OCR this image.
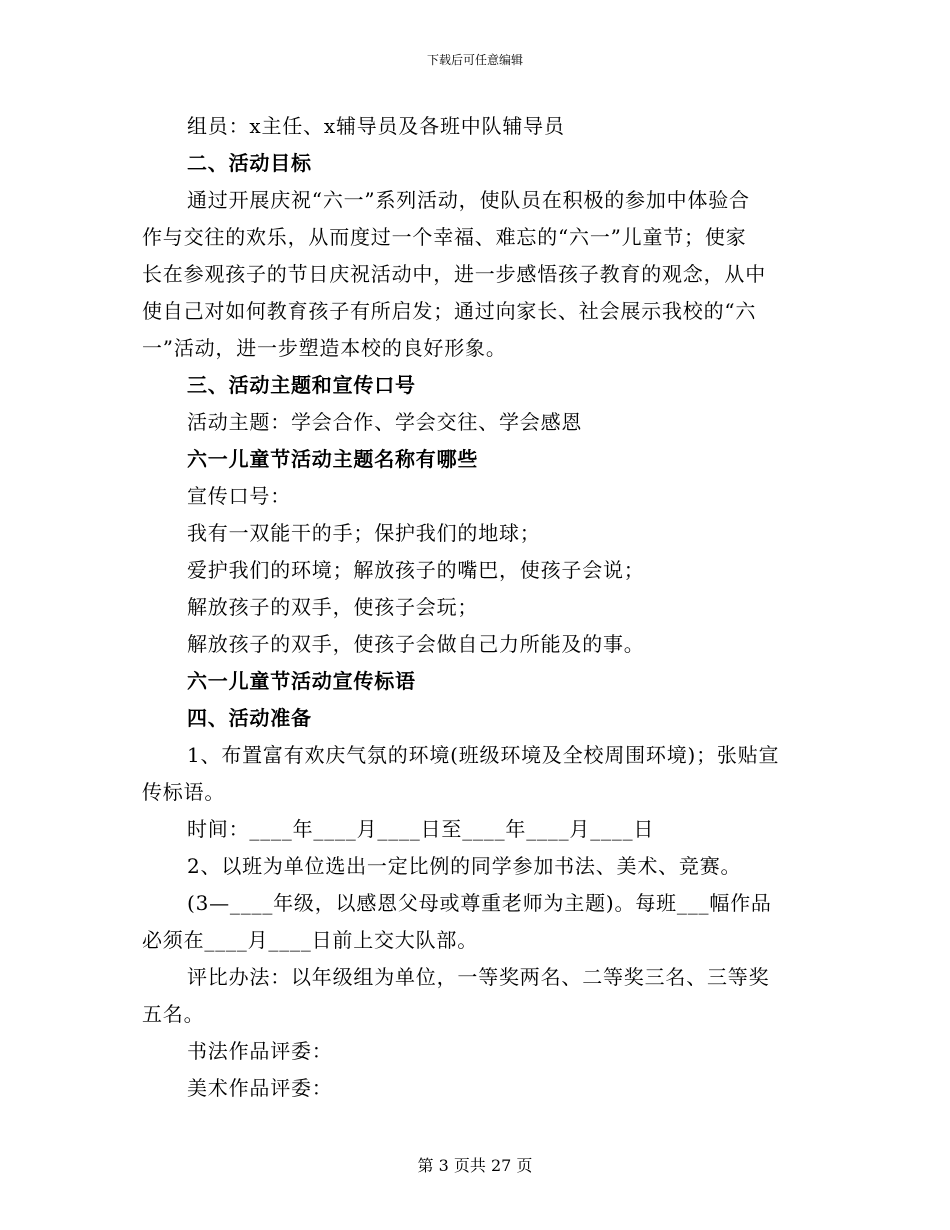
下载后可任意编辑
组员：x主任、x辅导员及各班中队辅导员
二、活动目标
通过开展庆祝“六一”系列活动，使队员在积极的参加中体验合
作与交往的欢乐，从而度过一个幸福、难忘的“六一”儿童节；使家
长在参观孩子的节日庆祝活动中，进一步感悟孩子教育的观念，从中
使自己对如何教育孩子有所启发；通过向家长、社会展示我校的“六
一”活动，进一步塑造本校的良好形象。
三、活动主题和宣传口号
活动主题：学会合作、学会交往、学会感恩
六一儿童节活动主题名称有哪些
宣传口号：
我有一双能干的手；保护我们的地球；
爱护我们的环境；解放孩子的嘴巴，使孩子会说；
解放孩子的双手，使孩子会玩；
解放孩子的双手，使孩子会做自己力所能及的事。
六一儿童节活动宣传标语
四、活动准备
1、布置富有欢庆气氛的环境(班级环境及全校周围环境)；张贴宣
传标语。
时间：____年____月____日至____年____月____日
2、以班为单位选出一定比例的同学参加书法、美术、竞赛。
(3—____年级，以感恩父母或尊重老师为主题)。每班___幅作品
必须在____月____日前上交大队部。
评比办法：以年级组为单位，一等奖两名、二等奖三名、三等奖
五名。
书法作品评委：
美术作品评委：
第 3 页共 27 页
